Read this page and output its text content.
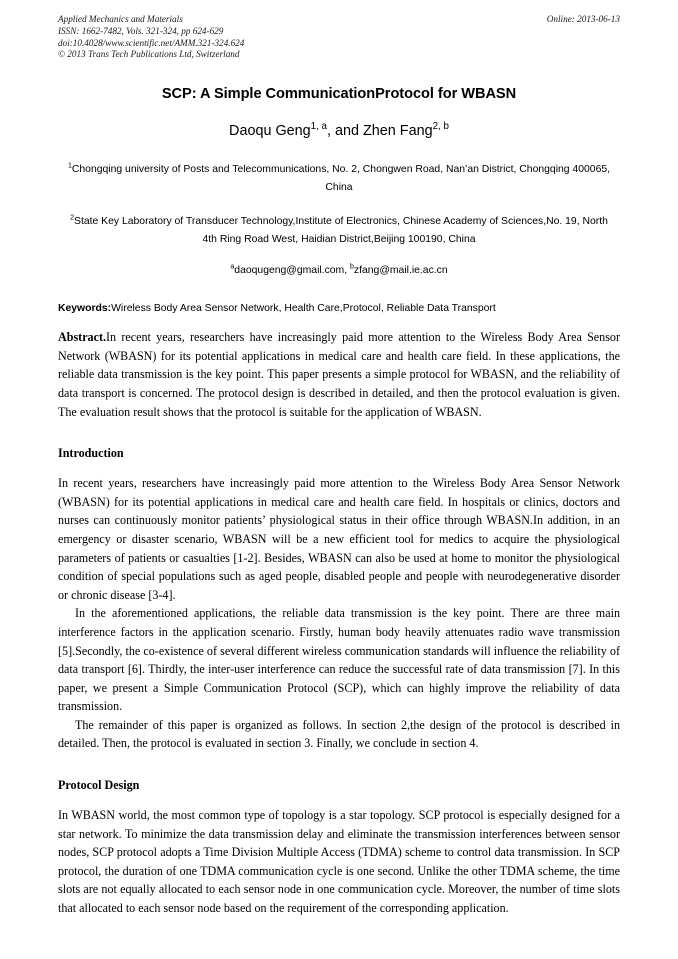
Online: 2013-06-13
Applied Mechanics and Materials
ISSN: 1662-7482, Vols. 321-324, pp 624-629
doi:10.4028/www.scientific.net/AMM.321-324.624
© 2013 Trans Tech Publications Ltd, Switzerland
SCP: A Simple CommunicationProtocol for WBASN
Daoqu Geng$^{1, a}$, and Zhen Fang$^{2, b}$
$^1$Chongqing university of Posts and Telecommunications, No. 2, Chongwen Road, Nan’an District, Chongqing 400065, China
$^2$State Key Laboratory of Transducer Technology,Institute of Electronics, Chinese Academy of Sciences,No. 19, North 4th Ring Road West, Haidian District,Beijing 100190, China
$^a$daoqugeng@gmail.com, $^b$zfang@mail.ie.ac.cn
Keywords:Wireless Body Area Sensor Network, Health Care,Protocol, Reliable Data Transport
Abstract.In recent years, researchers have increasingly paid more attention to the Wireless Body Area Sensor Network (WBASN) for its potential applications in medical care and health care field. In these applications, the reliable data transmission is the key point. This paper presents a simple protocol for WBASN, and the reliability of data transport is concerned. The protocol design is described in detailed, and then the protocol evaluation is given. The evaluation result shows that the protocol is suitable for the application of WBASN.
Introduction
In recent years, researchers have increasingly paid more attention to the Wireless Body Area Sensor Network (WBASN) for its potential applications in medical care and health care field. In hospitals or clinics, doctors and nurses can continuously monitor patients’ physiological status in their office through WBASN.In addition, in an emergency or disaster scenario, WBASN will be a new efficient tool for medics to acquire the physiological parameters of patients or casualties [1-2]. Besides, WBASN can also be used at home to monitor the physiological condition of special populations such as aged people, disabled people and people with neurodegenerative disorder or chronic disease [3-4].
In the aforementioned applications, the reliable data transmission is the key point. There are three main interference factors in the application scenario. Firstly, human body heavily attenuates radio wave transmission [5].Secondly, the co-existence of several different wireless communication standards will influence the reliability of data transport [6]. Thirdly, the inter-user interference can reduce the successful rate of data transmission [7]. In this paper, we present a Simple Communication Protocol (SCP), which can highly improve the reliability of data transmission.
The remainder of this paper is organized as follows. In section 2,the design of the protocol is described in detailed. Then, the protocol is evaluated in section 3. Finally, we conclude in section 4.
Protocol Design
In WBASN world, the most common type of topology is a star topology. SCP protocol is especially designed for a star network. To minimize the data transmission delay and eliminate the transmission interferences between sensor nodes, SCP protocol adopts a Time Division Multiple Access (TDMA) scheme to control data transmission. In SCP protocol, the duration of one TDMA communication cycle is one second. Unlike the other TDMA scheme, the time slots are not equally allocated to each sensor node in one communication cycle. Moreover, the number of time slots that allocated to each sensor node based on the requirement of the corresponding application.
